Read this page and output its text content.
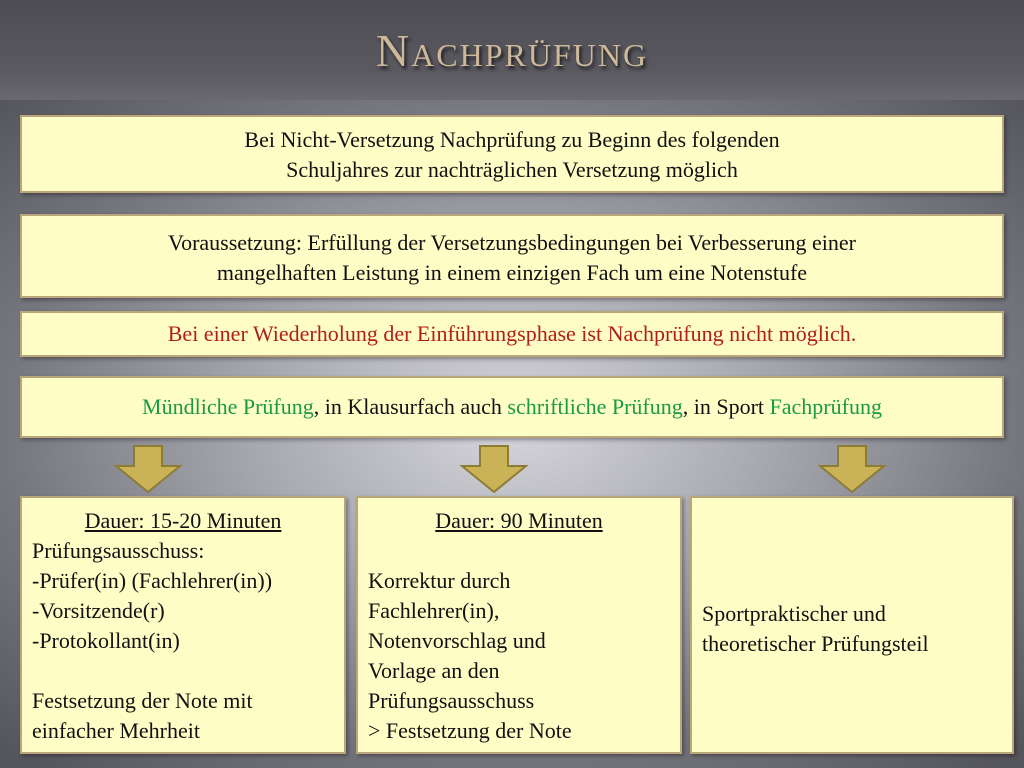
Nachprüfung
Bei Nicht-Versetzung Nachprüfung zu Beginn des folgenden
Schuljahres zur nachträglichen Versetzung möglich
Voraussetzung: Erfüllung der Versetzungsbedingungen bei Verbesserung einer
mangelhaften Leistung in einem einzigen Fach um eine Notenstufe
Bei einer Wiederholung der Einführungsphase ist Nachprüfung nicht möglich.
Mündliche Prüfung, in Klausurfach auch schriftliche Prüfung, in Sport Fachprüfung
Dauer: 15-20 Minuten
Prüfungsausschuss:
-Prüfer(in) (Fachlehrer(in))
-Vorsitzende(r)
-Protokollant(in)
Festsetzung der Note mit
einfacher Mehrheit
Dauer: 90 Minuten
Korrektur durch
Fachlehrer(in),
Notenvorschlag und
Vorlage an den
Prüfungsausschuss
> Festsetzung der Note
Sportpraktischer und
theoretischer Prüfungsteil
